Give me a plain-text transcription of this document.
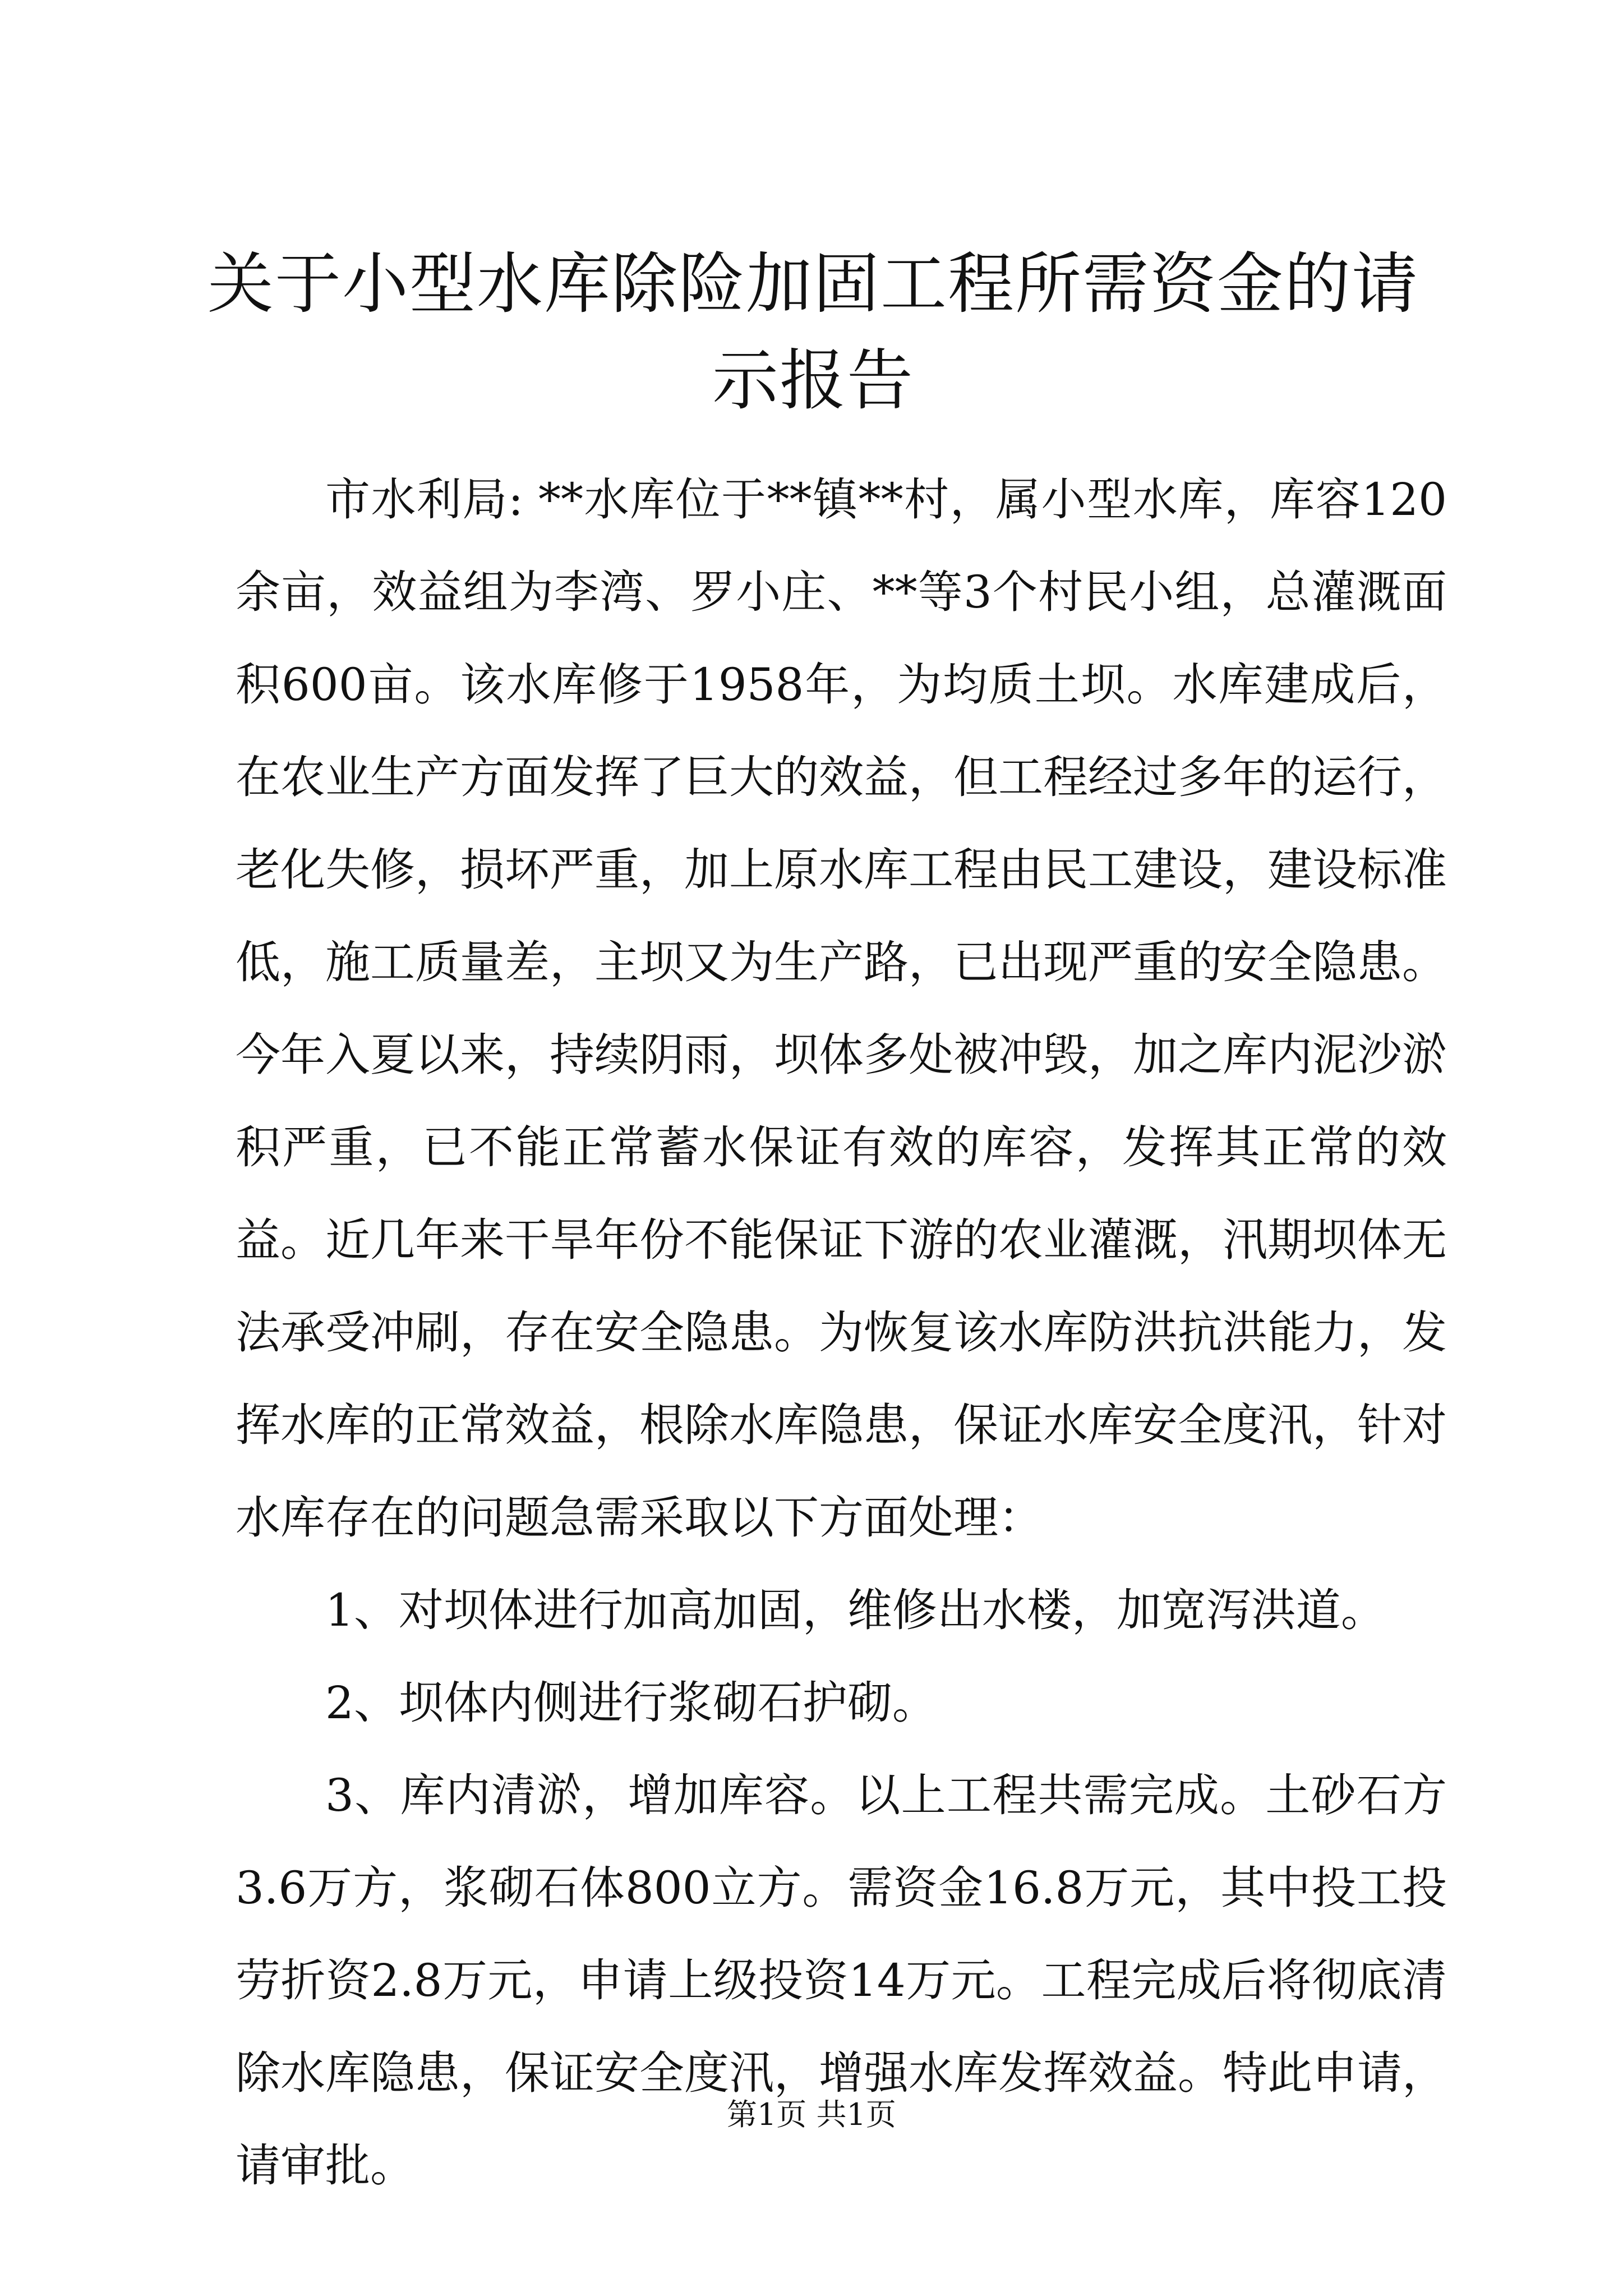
关于小型水库除险加固工程所需资金的请示报告

市水利局: **水库位于**镇**村，属小型水库，库容120余亩，效益组为李湾、罗小庄、**等3个村民小组，总灌溉面积600亩。该水库修于1958年，为均质土坝。水库建成后，在农业生产方面发挥了巨大的效益，但工程经过多年的运行，老化失修，损坏严重，加上原水库工程由民工建设，建设标准低，施工质量差，主坝又为生产路，已出现严重的安全隐患。今年入夏以来，持续阴雨，坝体多处被冲毁，加之库内泥沙淤积严重，已不能正常蓄水保证有效的库容，发挥其正常的效益。近几年来干旱年份不能保证下游的农业灌溉，汛期坝体无法承受冲刷，存在安全隐患。为恢复该水库防洪抗洪能力，发挥水库的正常效益，根除水库隐患，保证水库安全度汛，针对水库存在的问题急需采取以下方面处理：

1、对坝体进行加高加固，维修出水楼，加宽泻洪道。

2、坝体内侧进行浆砌石护砌。

3、库内清淤，增加库容。以上工程共需完成。土砂石方3.6万方，浆砌石体800立方。需资金16.8万元，其中投工投劳折资2.8万元，申请上级投资14万元。工程完成后将彻底清除水库隐患，保证安全度汛，增强水库发挥效益。特此申请，请审批。

第1页 共1页
